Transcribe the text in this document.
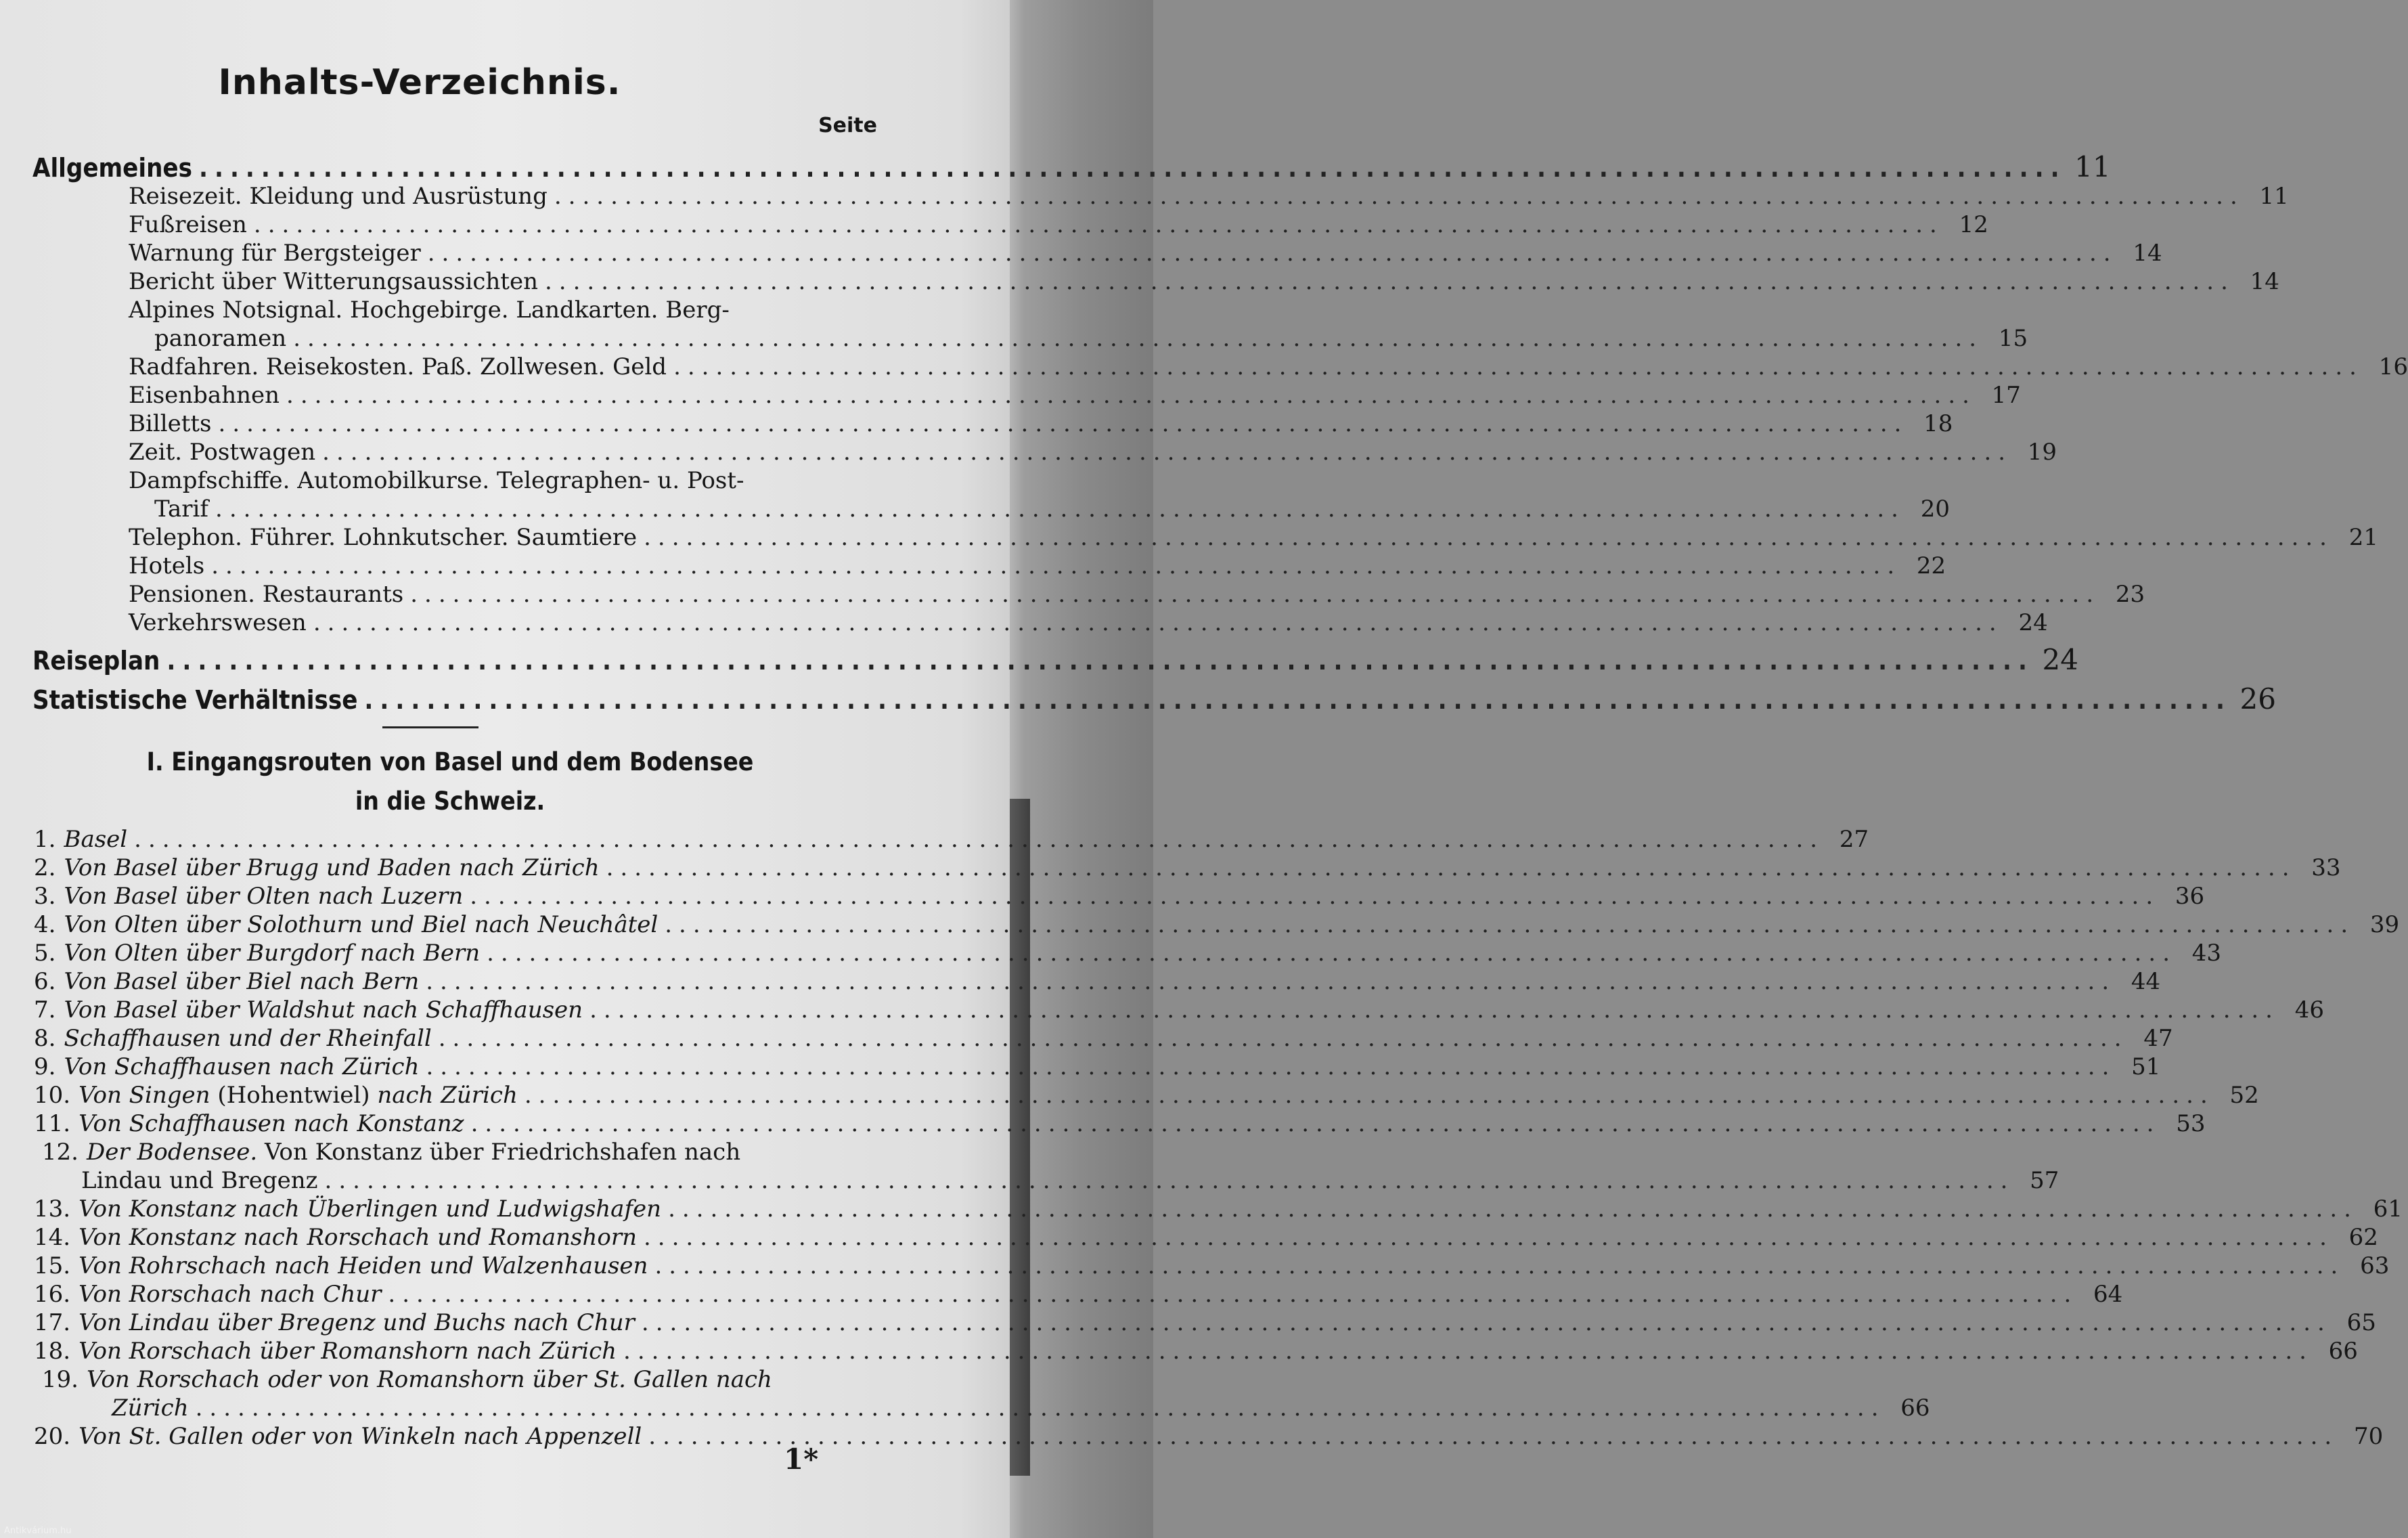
Inhalts-Verzeichnis.
Seite
Allgemeines ........................................................................................................................ 11
Reisezeit. Kleidung und Ausrüstung ........................................................................................................................ 11
Fußreisen ........................................................................................................................ 12
Warnung für Bergsteiger ........................................................................................................................ 14
Bericht über Witterungsaussichten ........................................................................................................................ 14
Alpines Notsignal. Hochgebirge. Landkarten. Berg-
panoramen ........................................................................................................................ 15
Radfahren. Reisekosten. Paß. Zollwesen. Geld ........................................................................................................................ 16
Eisenbahnen ........................................................................................................................ 17
Billetts ........................................................................................................................ 18
Zeit. Postwagen ........................................................................................................................ 19
Dampfschiffe. Automobilkurse. Telegraphen- u. Post-
Tarif ........................................................................................................................ 20
Telephon. Führer. Lohnkutscher. Saumtiere ........................................................................................................................ 21
Hotels ........................................................................................................................ 22
Pensionen. Restaurants ........................................................................................................................ 23
Verkehrswesen ........................................................................................................................ 24
Reiseplan ........................................................................................................................ 24
Statistische Verhältnisse ........................................................................................................................ 26
I. Eingangsrouten von Basel und dem Bodensee
in die Schweiz.
1. Basel ........................................................................................................................ 27
2. Von Basel über Brugg und Baden nach Zürich ........................................................................................................................ 33
3. Von Basel über Olten nach Luzern ........................................................................................................................ 36
4. Von Olten über Solothurn und Biel nach Neuchâtel ........................................................................................................................ 39
5. Von Olten über Burgdorf nach Bern ........................................................................................................................ 43
6. Von Basel über Biel nach Bern ........................................................................................................................ 44
7. Von Basel über Waldshut nach Schaffhausen ........................................................................................................................ 46
8. Schaffhausen und der Rheinfall ........................................................................................................................ 47
9. Von Schaffhausen nach Zürich ........................................................................................................................ 51
10. Von Singen (Hohentwiel) nach Zürich ........................................................................................................................ 52
11. Von Schaffhausen nach Konstanz ........................................................................................................................ 53
12. Der Bodensee. Von Konstanz über Friedrichshafen nach
Lindau und Bregenz ........................................................................................................................ 57
13. Von Konstanz nach Überlingen und Ludwigshafen ........................................................................................................................ 61
14. Von Konstanz nach Rorschach und Romanshorn ........................................................................................................................ 62
15. Von Rohrschach nach Heiden und Walzenhausen ........................................................................................................................ 63
16. Von Rorschach nach Chur ........................................................................................................................ 64
17. Von Lindau über Bregenz und Buchs nach Chur ........................................................................................................................ 65
18. Von Rorschach über Romanshorn nach Zürich ........................................................................................................................ 66
19. Von Rorschach oder von Romanshorn über St. Gallen nach
Zürich ........................................................................................................................ 66
20. Von St. Gallen oder von Winkeln nach Appenzell ........................................................................................................................ 70
1*
Antikvárium.hu
